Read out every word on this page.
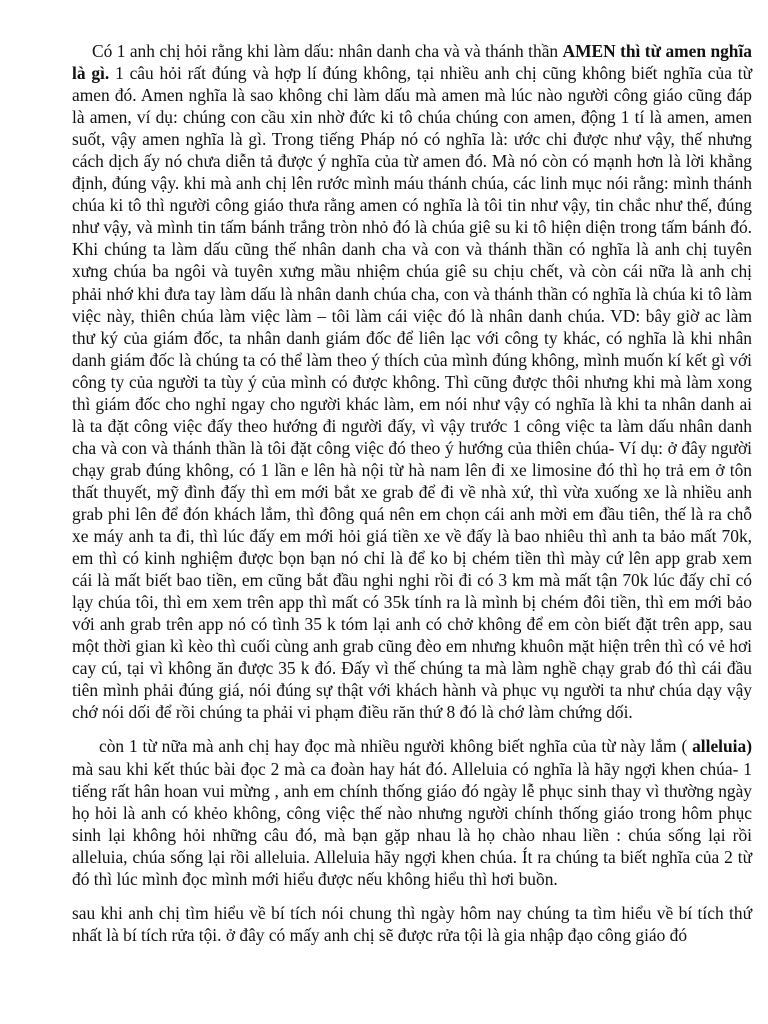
Có 1 anh chị hỏi rằng khi làm dấu: nhân danh cha và và thánh thần AMEN thì từ amen nghĩa là gì. 1 câu hỏi rất đúng và hợp lí đúng không, tại nhiều anh chị cũng không biết nghĩa của từ amen đó. Amen nghĩa là sao không chỉ làm dấu mà amen mà lúc nào người công giáo cũng đáp là amen, ví dụ: chúng con cầu xin nhờ đức ki tô chúa chúng con amen, động 1 tí là amen, amen suốt, vậy amen nghĩa là gì. Trong tiếng Pháp nó có nghĩa là: ước chi được như vậy, thế nhưng cách dịch ấy nó chưa diễn tả được ý nghĩa của từ amen đó. Mà nó còn có mạnh hơn là lời khẳng định, đúng vậy. khi mà anh chị lên rước mình máu thánh chúa, các linh mục nói rằng: mình thánh chúa ki tô thì người công giáo thưa rằng amen có nghĩa là tôi tin như vậy, tin chắc như thế, đúng như vậy, và mình tin tấm bánh trắng tròn nhỏ đó là chúa giê su ki tô hiện diện trong tấm bánh đó. Khi chúng ta làm dấu cũng thế nhân danh cha và con và thánh thần có nghĩa là anh chị tuyên xưng chúa ba ngôi và tuyên xưng mầu nhiệm chúa giê su chịu chết, và còn cái nữa là anh chị phải nhớ khi đưa tay làm dấu là nhân danh chúa cha, con và thánh thần có nghĩa là chúa ki tô làm việc này, thiên chúa làm việc làm – tôi làm cái việc đó là nhân danh chúa. VD: bây giờ ac làm thư ký của giám đốc, ta nhân danh giám đốc để liên lạc với công ty khác, có nghĩa là khi nhân danh giám đốc là chúng ta có thể làm theo ý thích của mình đúng không, mình muốn kí kết gì với công ty của người ta tùy ý của mình có được không. Thì cũng được thôi nhưng khi mà làm xong thì giám đốc cho nghỉ ngay cho người khác làm, em nói như vậy có nghĩa là khi ta nhân danh ai là ta đặt công việc đấy theo hướng đi người đấy, vì vậy trước 1 công việc ta làm dấu nhân danh cha và con và thánh thần là tôi đặt công việc đó theo ý hướng của thiên chúa- Ví dụ: ở đây người chạy grab đúng không, có 1 lần e lên hà nội từ hà nam lên đi xe limosine đó thì họ trả em ở tôn thất thuyết, mỹ đình đấy thì em mới bắt xe grab để đi về nhà xứ, thì vừa xuống xe là nhiều anh grab phi lên để đón khách lắm, thì đông quá nên em chọn cái anh mời em đầu tiên, thế là ra chỗ xe máy anh ta đi, thì lúc đấy em mới hỏi giá tiền xe về đấy là bao nhiêu thì anh ta bảo mất 70k, em thì có kinh nghiệm được bọn bạn nó chỉ là để ko bị chém tiền thì mày cứ lên app grab xem cái là mất biết bao tiền, em cũng bắt đầu nghi nghi rồi đi có 3 km mà mất tận 70k lúc đấy chỉ có lạy chúa tôi, thì em xem trên app thì mất có 35k tính ra là mình bị chém đôi tiền, thì em mới bảo với anh grab trên app nó có tình 35 k tóm lại anh có chở không để em còn biết đặt trên app, sau một thời gian kì kèo thì cuối cùng anh grab cũng đèo em nhưng khuôn mặt hiện trên thì có vẻ hơi cay cú, tại vì không ăn được 35 k đó. Đấy vì thế chúng ta mà làm nghề chạy grab đó thì cái đầu tiên mình phải đúng giá, nói đúng sự thật với khách hành và phục vụ người ta như chúa dạy vậy chớ nói dối để rồi chúng ta phải vi phạm điều răn thứ 8 đó là chớ làm chứng dối.

còn 1 từ nữa mà anh chị hay đọc mà nhiều người không biết nghĩa của từ này lắm ( alleluia) mà sau khi kết thúc bài đọc 2 mà ca đoàn hay hát đó. Alleluia có nghĩa là hãy ngợi khen chúa- 1 tiếng rất hân hoan vui mừng , anh em chính thống giáo đó ngày lễ phục sinh thay vì thường ngày họ hỏi là anh có khẻo không, công việc thế nào nhưng người chính thống giáo trong hôm phục sinh lại không hỏi những câu đó, mà bạn gặp nhau là họ chào nhau liền : chúa sống lại rồi alleluia, chúa sống lại rồi alleluia. Alleluia hãy ngợi khen chúa. Ít ra chúng ta biết nghĩa của 2 từ đó thì lúc mình đọc mình mới hiểu được nếu không hiểu thì hơi buồn.

sau khi anh chị tìm hiểu về bí tích nói chung thì ngày hôm nay chúng ta tìm hiểu về bí tích thứ nhất là bí tích rửa tội. ở đây có mấy anh chị sẽ được rửa tội là gia nhập đạo công giáo đó
